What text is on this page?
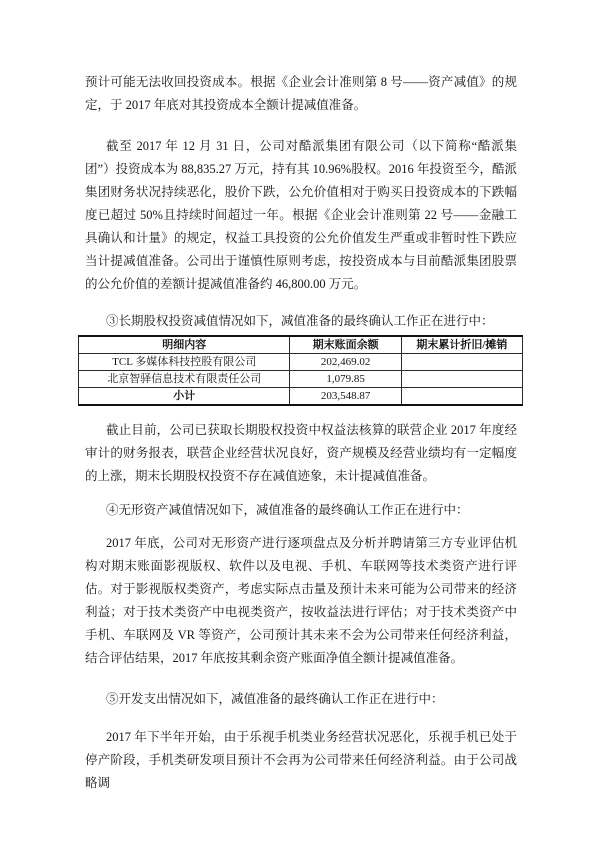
预计可能无法收回投资成本。根据《企业会计准则第 8 号——资产减值》的规定，于 2017 年底对其投资成本全额计提减值准备。

截至 2017 年 12 月 31 日，公司对酷派集团有限公司（以下简称“酷派集团”）投资成本为 88,835.27 万元，持有其 10.96%股权。2016 年投资至今，酷派集团财务状况持续恶化，股价下跌，公允价值相对于购买日投资成本的下跌幅度已超过 50%且持续时间超过一年。根据《企业会计准则第 22 号——金融工具确认和计量》的规定，权益工具投资的公允价值发生严重或非暂时性下跌应当计提减值准备。公司出于谨慎性原则考虑，按投资成本与目前酷派集团股票的公允价值的差额计提减值准备约 46,800.00 万元。

③长期股权投资减值情况如下，减值准备的最终确认工作正在进行中：

明细内容	期末账面余额	期末累计折旧/摊销
TCL 多媒体科技控股有限公司	202,469.02	
北京智驿信息技术有限责任公司	1,079.85	
小计	203,548.87	

截止目前，公司已获取长期股权投资中权益法核算的联营企业 2017 年度经审计的财务报表，联营企业经营状况良好，资产规模及经营业绩均有一定幅度的上涨，期末长期股权投资不存在减值迹象，未计提减值准备。

④无形资产减值情况如下，减值准备的最终确认工作正在进行中：

2017 年底，公司对无形资产进行逐项盘点及分析并聘请第三方专业评估机构对期末账面影视版权、软件以及电视、手机、车联网等技术类资产进行评估。对于影视版权类资产，考虑实际点击量及预计未来可能为公司带来的经济利益；对于技术类资产中电视类资产，按收益法进行评估；对于技术类资产中手机、车联网及 VR 等资产，公司预计其未来不会为公司带来任何经济利益，结合评估结果，2017 年底按其剩余资产账面净值全额计提减值准备。

⑤开发支出情况如下，减值准备的最终确认工作正在进行中：

2017 年下半年开始，由于乐视手机类业务经营状况恶化，乐视手机已处于停产阶段，手机类研发项目预计不会再为公司带来任何经济利益。由于公司战略调
